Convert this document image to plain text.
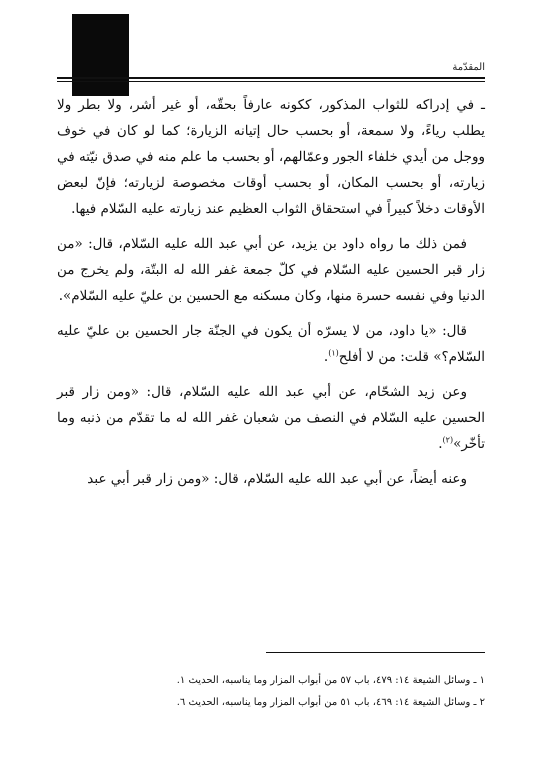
المقدّمة

ـ في إدراكه للثواب المذكور، ككونه عارفاً بحقّه، أو غير أشر، ولا بطر ولا يطلب رياءً، ولا سمعة، أو بحسب حال إتيانه الزيارة؛ كما لو كان في خوف ووجل من أيدي خلفاء الجور وعمّالهم، أو بحسب ما علم منه في صدق نيّته في زيارته، أو بحسب المكان، أو بحسب أوقات مخصوصة لزيارته؛ فإنّ لبعض الأوقات دخلاً كبيراً في استحقاق الثواب العظيم عند زيارته عليه السّلام فيها.

فمن ذلك ما رواه داود بن يزيد، عن أبي عبد الله عليه السّلام، قال: «من زار قبر الحسين عليه السّلام في كلّ جمعة غفر الله له البتّة، ولم يخرج من الدنيا وفي نفسه حسرة منها، وكان مسكنه مع الحسين بن عليّ عليه السّلام».

قال: «يا داود، من لا يسرّه أن يكون في الجنّة جار الحسين بن عليّ عليه السّلام؟» قلت: من لا أفلح$^{(١)}$.

وعن زيد الشحّام، عن أبي عبد الله عليه السّلام، قال: «ومن زار قبر الحسين عليه السّلام في النصف من شعبان غفر الله له ما تقدّم من ذنبه وما تأخّر»$^{(٢)}$.

وعنه أيضاً، عن أبي عبد الله عليه السّلام، قال: «ومن زار قبر أبي عبد

١ ـ وسائل الشيعة ١٤: ٤٧٩، باب ٥٧ من أبواب المزار وما يناسبه، الحديث ١.
٢ ـ وسائل الشيعة ١٤: ٤٦٩، باب ٥١ من أبواب المزار وما يناسبه، الحديث ٦.
